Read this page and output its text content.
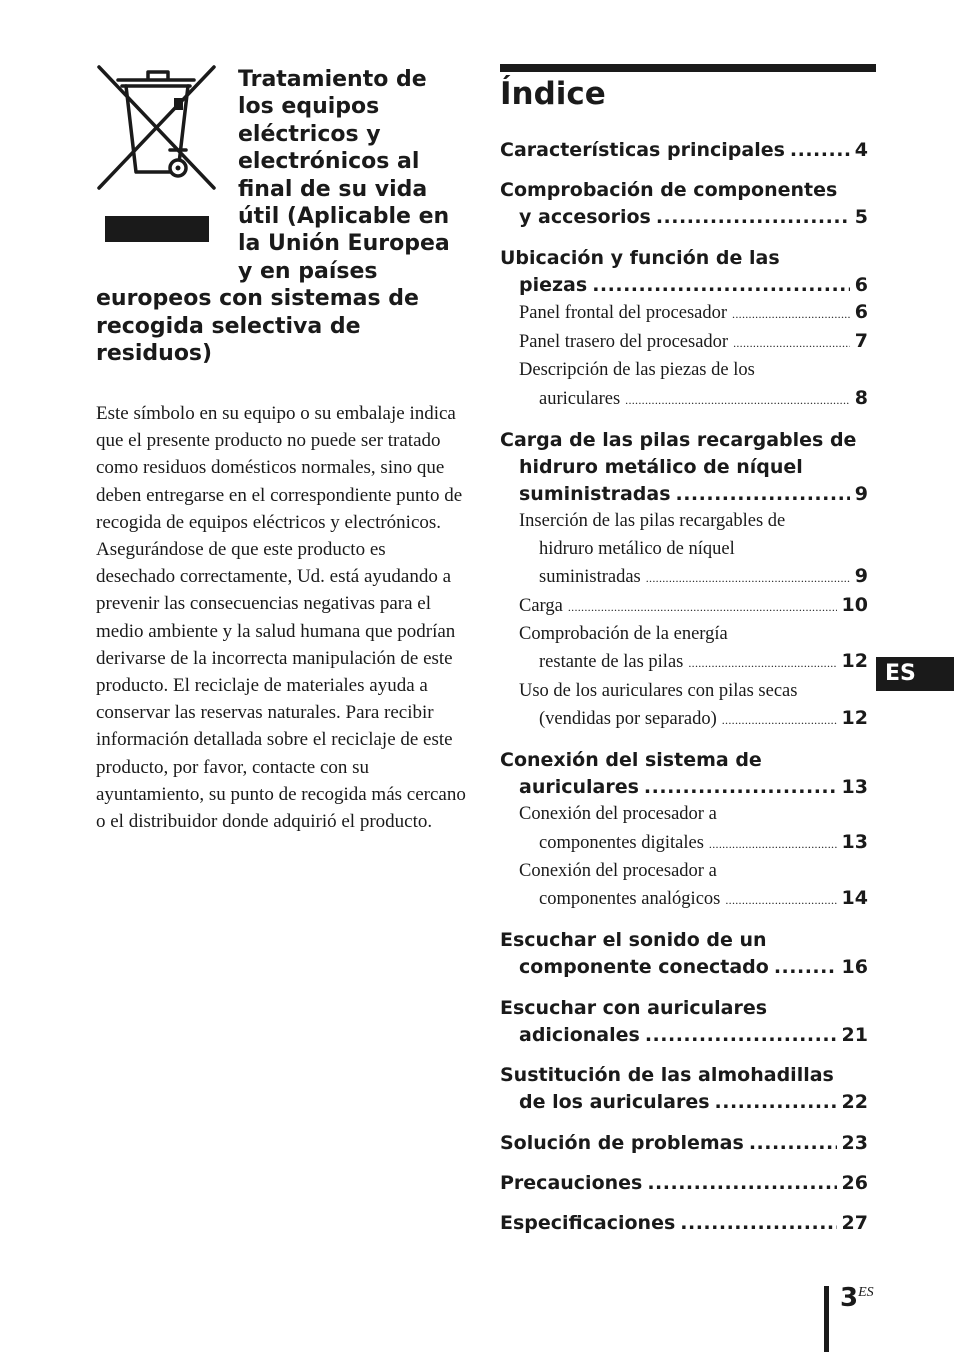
Tratamiento de los equipos eléctricos y electrónicos al final de su vida útil (Aplicable en la Unión Europea y en países europeos con sistemas de recogida selectiva de residuos)
Este símbolo en su equipo o su embalaje indica que el presente producto no puede ser tratado como residuos domésticos normales, sino que deben entregarse en el correspondiente punto de recogida de equipos eléctricos y electrónicos. Asegurándose de que este producto es desechado correctamente, Ud. está ayudando a prevenir las consecuencias negativas para el medio ambiente y la salud humana que podrían derivarse de la incorrecta manipulación de este producto. El reciclaje de materiales ayuda a conservar las reservas naturales. Para recibir información detallada sobre el reciclaje de este producto, por favor, contacte con su ayuntamiento, su punto de recogida más cercano o el distribuidor donde adquirió el producto.
Índice
Características principales .....	4
Comprobación de componentes
y accesorios .....	5
Ubicación y función de las
piezas .....	6
Panel frontal del procesador .....	6
Panel trasero del procesador .....	7
Descripción de las piezas de los
auriculares .....	8
Carga de las pilas recargables de
hidruro metálico de níquel
suministradas .....	9
Inserción de las pilas recargables de
hidruro metálico de níquel
suministradas .....	9
Carga .....	10
Comprobación de la energía
restante de las pilas .....	12
Uso de los auriculares con pilas secas
(vendidas por separado) .....	12
Conexión del sistema de
auriculares .....	13
Conexión del procesador a
componentes digitales .....	13
Conexión del procesador a
componentes analógicos .....	14
Escuchar el sonido de un
componente conectado .....	16
Escuchar con auriculares
adicionales .....	21
Sustitución de las almohadillas
de los auriculares .....	22
Solución de problemas .....	23
Precauciones .....	26
Especificaciones .....	27
ES
3ES
